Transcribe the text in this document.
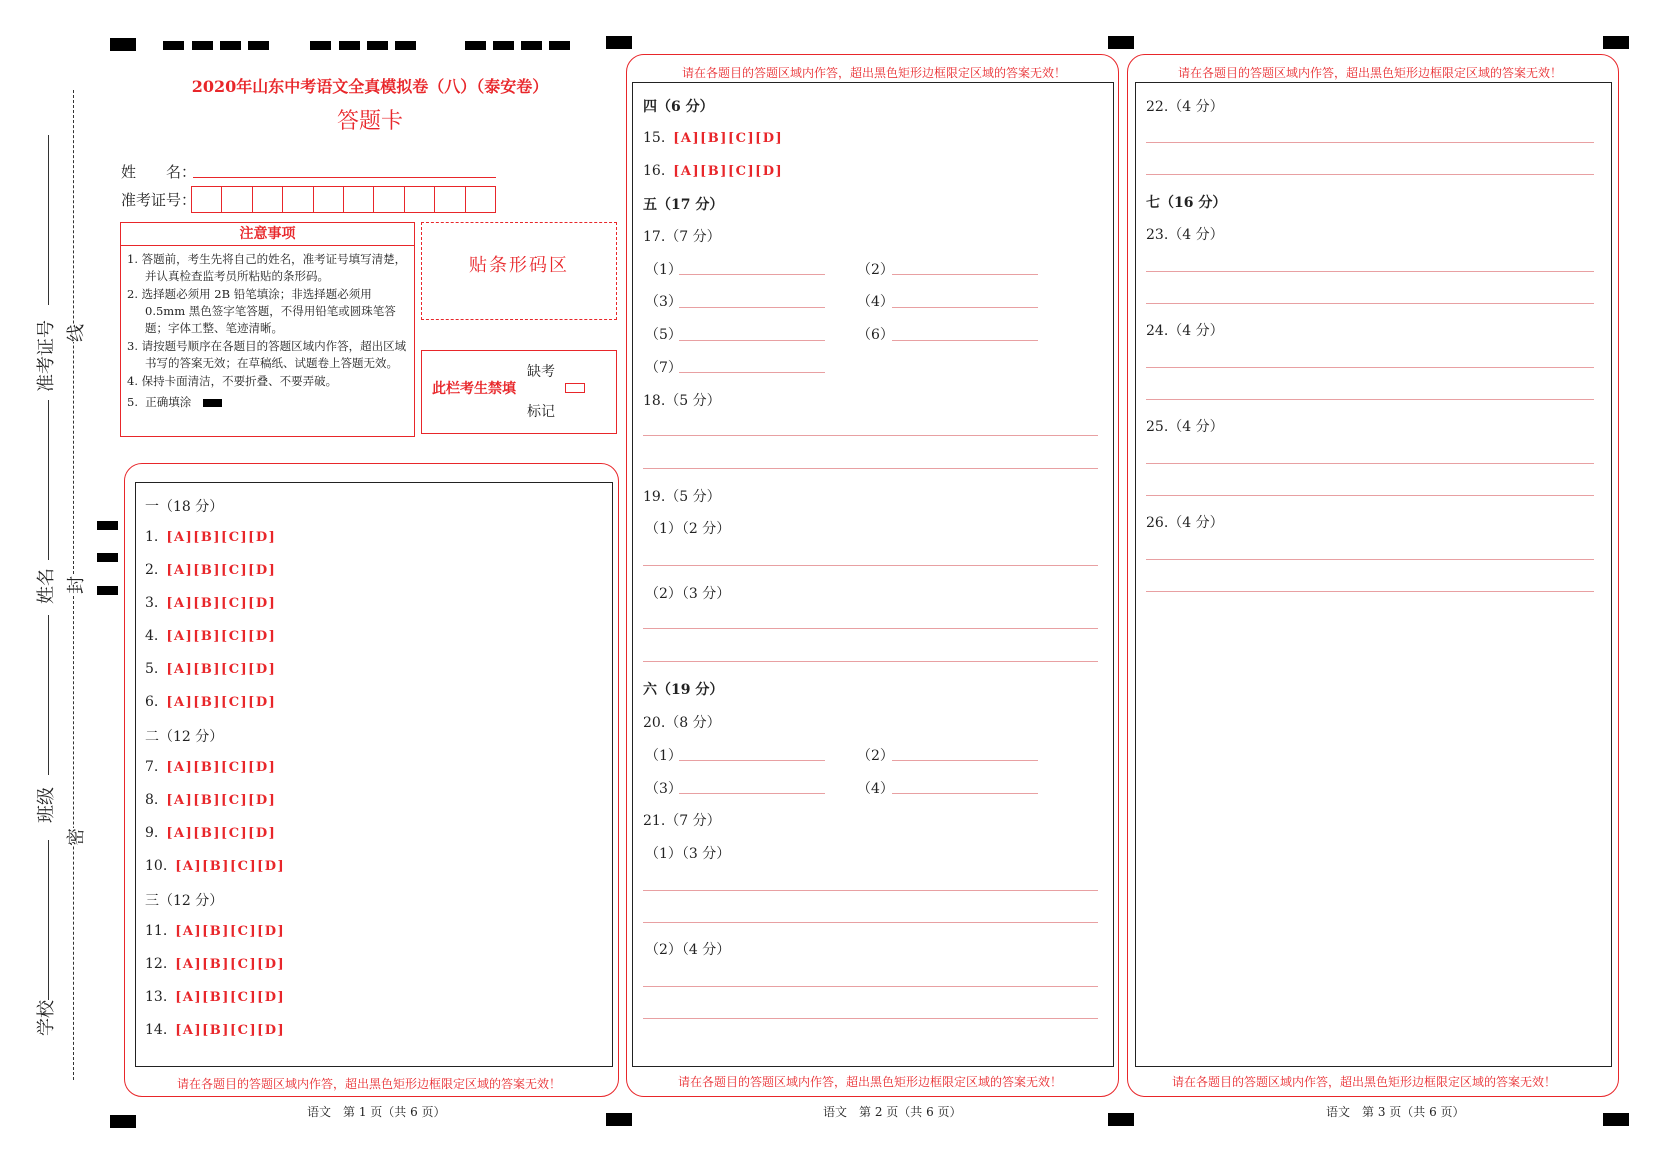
准考证号
姓名
班级
学校
线
封
密
2020年山东中考语文全真模拟卷（八）（泰安卷）
答题卡
姓　　名：
准考证号：
注意事项
1. 答题前，考生先将自己的姓名，准考证号填写清楚，并认真检查监考员所粘贴的条形码。
2. 选择题必须用 2B 铅笔填涂；非选择题必须用 0.5mm 黑色签字笔答题，不得用铅笔或圆珠笔答题；字体工整、笔迹清晰。
3. 请按题号顺序在各题目的答题区域内作答，超出区域书写的答案无效；在草稿纸、试题卷上答题无效。
4. 保持卡面清洁，不要折叠、不要弄破。
5.  正确填涂
贴条形码区
此栏考生禁填
缺考
标记
请在各题目的答题区域内作答，超出黑色矩形边框限定区域的答案无效！
一（18 分）
1. [A][B][C][D]
2. [A][B][C][D]
3. [A][B][C][D]
4. [A][B][C][D]
5. [A][B][C][D]
6. [A][B][C][D]
二（12 分）
7. [A][B][C][D]
8. [A][B][C][D]
9. [A][B][C][D]
10. [A][B][C][D]
三（12 分）
11. [A][B][C][D]
12. [A][B][C][D]
13. [A][B][C][D]
14. [A][B][C][D]
语文　第 1 页（共 6 页）
请在各题目的答题区域内作答，超出黑色矩形边框限定区域的答案无效！
请在各题目的答题区域内作答，超出黑色矩形边框限定区域的答案无效！
四（6 分）
15. [A][B][C][D]
16. [A][B][C][D]
五（17 分）
17.（7 分）
（1）	（2）
（3）	（4）
（5）	（6）
（7）
18.（5 分）
19.（5 分）
（1）（2 分）
（2）（3 分）
六（19 分）
20.（8 分）
（1）	（2）
（3）	（4）
21.（7 分）
（1）（3 分）
（2）（4 分）
语文　第 2 页（共 6 页）
请在各题目的答题区域内作答，超出黑色矩形边框限定区域的答案无效！
请在各题目的答题区域内作答，超出黑色矩形边框限定区域的答案无效！
22.（4 分）
七（16 分）
23.（4 分）
24.（4 分）
25.（4 分）
26.（4 分）
语文　第 3 页（共 6 页）
